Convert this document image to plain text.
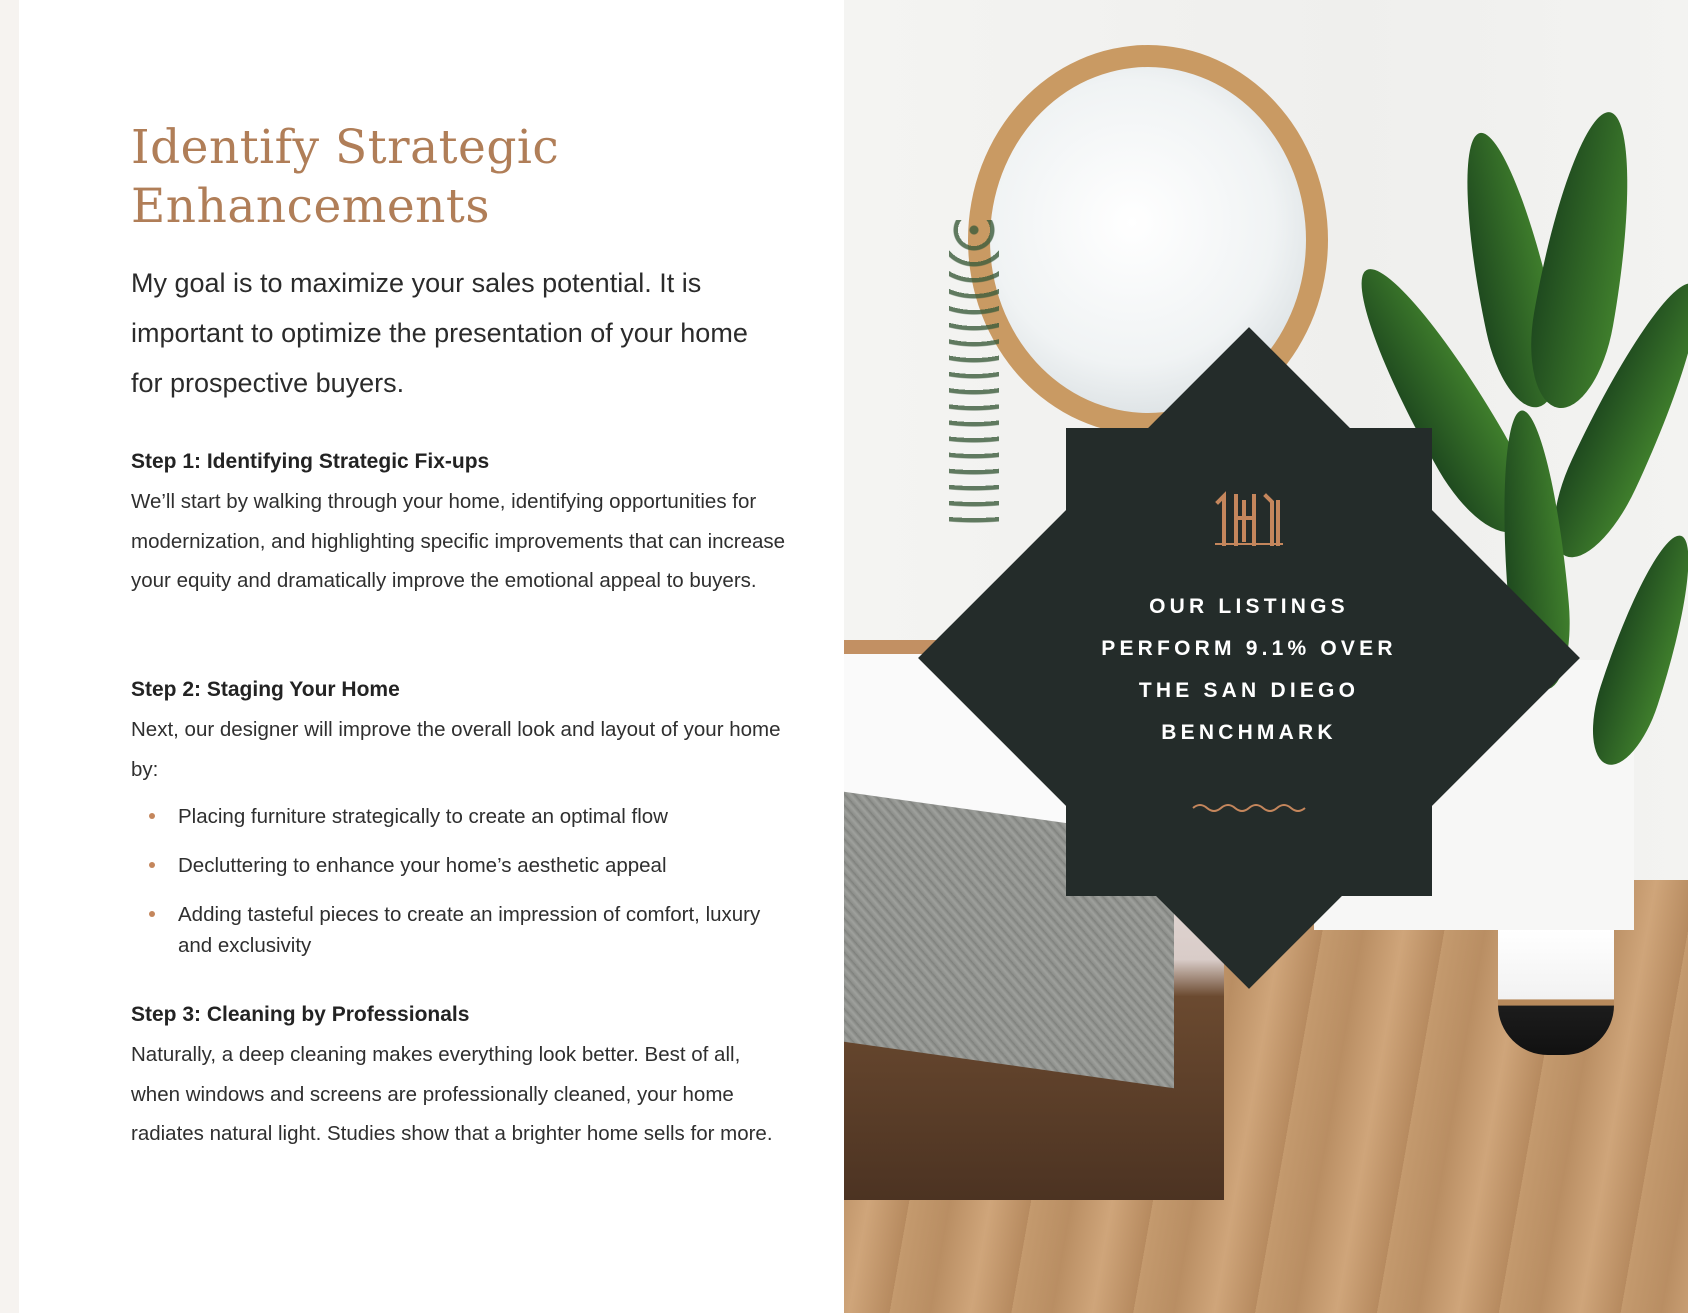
Identify Strategic
Enhancements

My goal is to maximize your sales potential. It is important to optimize the presentation of your home for prospective buyers.

Step 1: Identifying Strategic Fix-ups

We’ll start by walking through your home, identifying opportunities for modernization, and highlighting specific improvements that can increase your equity and dramatically improve the emotional appeal to buyers.

Step 2: Staging Your Home

Next, our designer will improve the overall look and layout of your home by:

Placing furniture strategically to create an optimal flow
Decluttering to enhance your home’s aesthetic appeal
Adding tasteful pieces to create an impression of comfort, luxury and exclusivity
Step 3: Cleaning by Professionals

Naturally, a deep cleaning makes everything look better. Best of all, when windows and screens are professionally cleaned, your home radiates natural light. Studies show that a brighter home sells for more.

OUR LISTINGS
PERFORM 9.1% OVER
THE SAN DIEGO
BENCHMARK
